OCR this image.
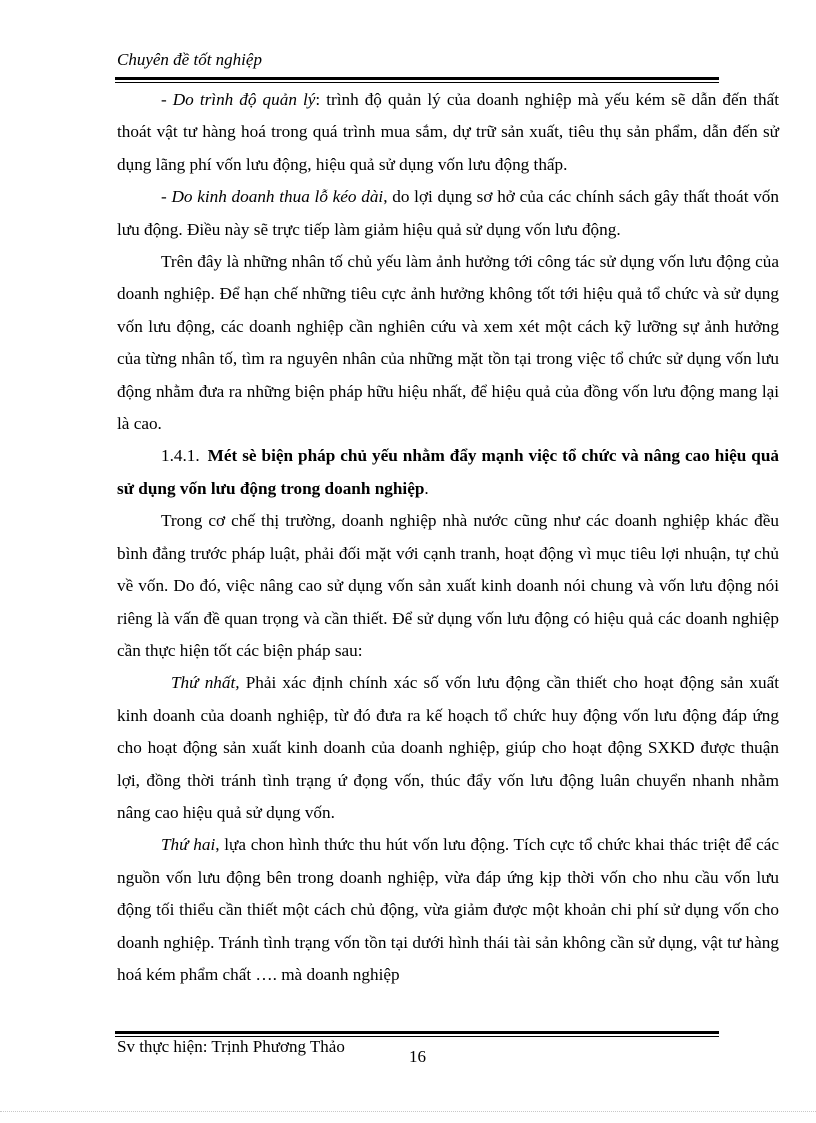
Chuyên đề tốt nghiệp

- Do trình độ quản lý: trình độ quản lý của doanh nghiệp mà yếu kém sẽ dẫn đến thất thoát vật tư hàng hoá trong quá trình mua sắm, dự trữ sản xuất, tiêu thụ sản phẩm, dẫn đến sử dụng lãng phí vốn lưu động, hiệu quả sử dụng vốn lưu động thấp.

- Do kinh doanh thua lỗ kéo dài, do lợi dụng sơ hở của các chính sách gây thất thoát vốn lưu động. Điều này sẽ trực tiếp làm giảm hiệu quả sử dụng vốn lưu động.

Trên đây là những nhân tố chủ yếu làm ảnh hưởng tới công tác sử dụng vốn lưu động của doanh nghiệp. Để hạn chế những tiêu cực ảnh hưởng không tốt tới hiệu quả tổ chức và sử dụng vốn lưu động, các doanh nghiệp cần nghiên cứu và xem xét một cách kỹ lưỡng sự ảnh hưởng của từng nhân tố, tìm ra nguyên nhân của những mặt tồn tại trong việc tổ chức sử dụng vốn lưu động nhằm đưa ra những biện pháp hữu hiệu nhất, để hiệu quả của đồng vốn lưu động mang lại là cao.

1.4.1. Mét sè biện pháp chủ yếu nhằm đẩy mạnh việc tổ chức và nâng cao hiệu quả sử dụng vốn lưu động trong doanh nghiệp.

Trong cơ chế thị trường, doanh nghiệp nhà nước cũng như các doanh nghiệp khác đều bình đẳng trước pháp luật, phải đối mặt với cạnh tranh, hoạt động vì mục tiêu lợi nhuận, tự chủ về vốn. Do đó, việc nâng cao sử dụng vốn sản xuất kinh doanh nói chung và vốn lưu động nói riêng là vấn đề quan trọng và cần thiết. Để sử dụng vốn lưu động có hiệu quả các doanh nghiệp cần thực hiện tốt các biện pháp sau:

Thứ nhất, Phải xác định chính xác số vốn lưu động cần thiết cho hoạt động sản xuất kinh doanh của doanh nghiệp, từ đó đưa ra kế hoạch tổ chức huy động vốn lưu động đáp ứng cho hoạt động sản xuất kinh doanh của doanh nghiệp, giúp cho hoạt động SXKD được thuận lợi, đồng thời tránh tình trạng ứ đọng vốn, thúc đẩy vốn lưu động luân chuyển nhanh nhằm nâng cao hiệu quả sử dụng vốn.

Thứ hai, lựa chon hình thức thu hút vốn lưu động. Tích cực tổ chức khai thác triệt để các nguồn vốn lưu động bên trong doanh nghiệp, vừa đáp ứng kịp thời vốn cho nhu cầu vốn lưu động tối thiểu cần thiết một cách chủ động, vừa giảm được một khoản chi phí sử dụng vốn cho doanh nghiệp. Tránh tình trạng vốn tồn tại dưới hình thái tài sản không cần sử dụng, vật tư hàng hoá kém phẩm chất …. mà doanh nghiệp

Sv thực hiện: Trịnh Phương Thảo
16
